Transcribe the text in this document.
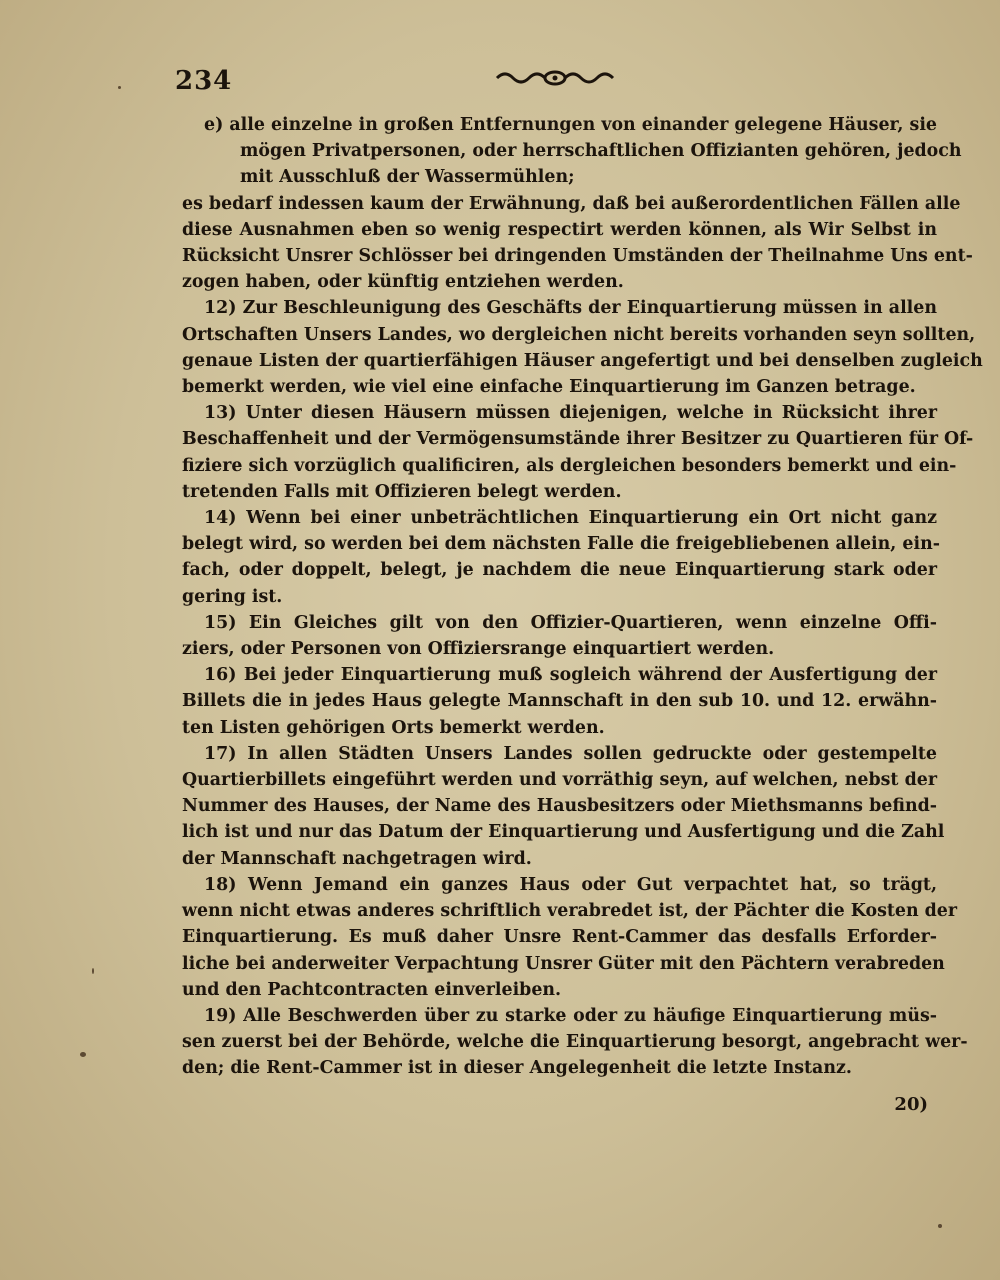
234
e) alle einzelne in großen Entfernungen von einander gelegene Häuser, sie
mögen Privatpersonen, oder herrschaftlichen Offizianten gehören, jedoch
mit Ausschluß der Wassermühlen;
es bedarf indessen kaum der Erwähnung, daß bei außerordentlichen Fällen alle
diese Ausnahmen eben so wenig respectirt werden können, als Wir Selbst in
Rücksicht Unsrer Schlösser bei dringenden Umständen der Theilnahme Uns ent-
zogen haben, oder künftig entziehen werden.
12) Zur Beschleunigung des Geschäfts der Einquartierung müssen in allen
Ortschaften Unsers Landes, wo dergleichen nicht bereits vorhanden seyn sollten,
genaue Listen der quartierfähigen Häuser angefertigt und bei denselben zugleich
bemerkt werden, wie viel eine einfache Einquartierung im Ganzen betrage.
13) Unter diesen Häusern müssen diejenigen, welche in Rücksicht ihrer
Beschaffenheit und der Vermögensumstände ihrer Besitzer zu Quartieren für Of-
fiziere sich vorzüglich qualificiren, als dergleichen besonders bemerkt und ein-
tretenden Falls mit Offizieren belegt werden.
14) Wenn bei einer unbeträchtlichen Einquartierung ein Ort nicht ganz
belegt wird, so werden bei dem nächsten Falle die freigebliebenen allein, ein-
fach, oder doppelt, belegt, je nachdem die neue Einquartierung stark oder
gering ist.
15) Ein Gleiches gilt von den Offizier-Quartieren, wenn einzelne Offi-
ziers, oder Personen von Offiziersrange einquartiert werden.
16) Bei jeder Einquartierung muß sogleich während der Ausfertigung der
Billets die in jedes Haus gelegte Mannschaft in den sub 10. und 12. erwähn-
ten Listen gehörigen Orts bemerkt werden.
17) In allen Städten Unsers Landes sollen gedruckte oder gestempelte
Quartierbillets eingeführt werden und vorräthig seyn, auf welchen, nebst der
Nummer des Hauses, der Name des Hausbesitzers oder Miethsmanns befind-
lich ist und nur das Datum der Einquartierung und Ausfertigung und die Zahl
der Mannschaft nachgetragen wird.
18) Wenn Jemand ein ganzes Haus oder Gut verpachtet hat, so trägt,
wenn nicht etwas anderes schriftlich verabredet ist, der Pächter die Kosten der
Einquartierung. Es muß daher Unsre Rent-Cammer das desfalls Erforder-
liche bei anderweiter Verpachtung Unsrer Güter mit den Pächtern verabreden
und den Pachtcontracten einverleiben.
19) Alle Beschwerden über zu starke oder zu häufige Einquartierung müs-
sen zuerst bei der Behörde, welche die Einquartierung besorgt, angebracht wer-
den; die Rent-Cammer ist in dieser Angelegenheit die letzte Instanz.
20)
